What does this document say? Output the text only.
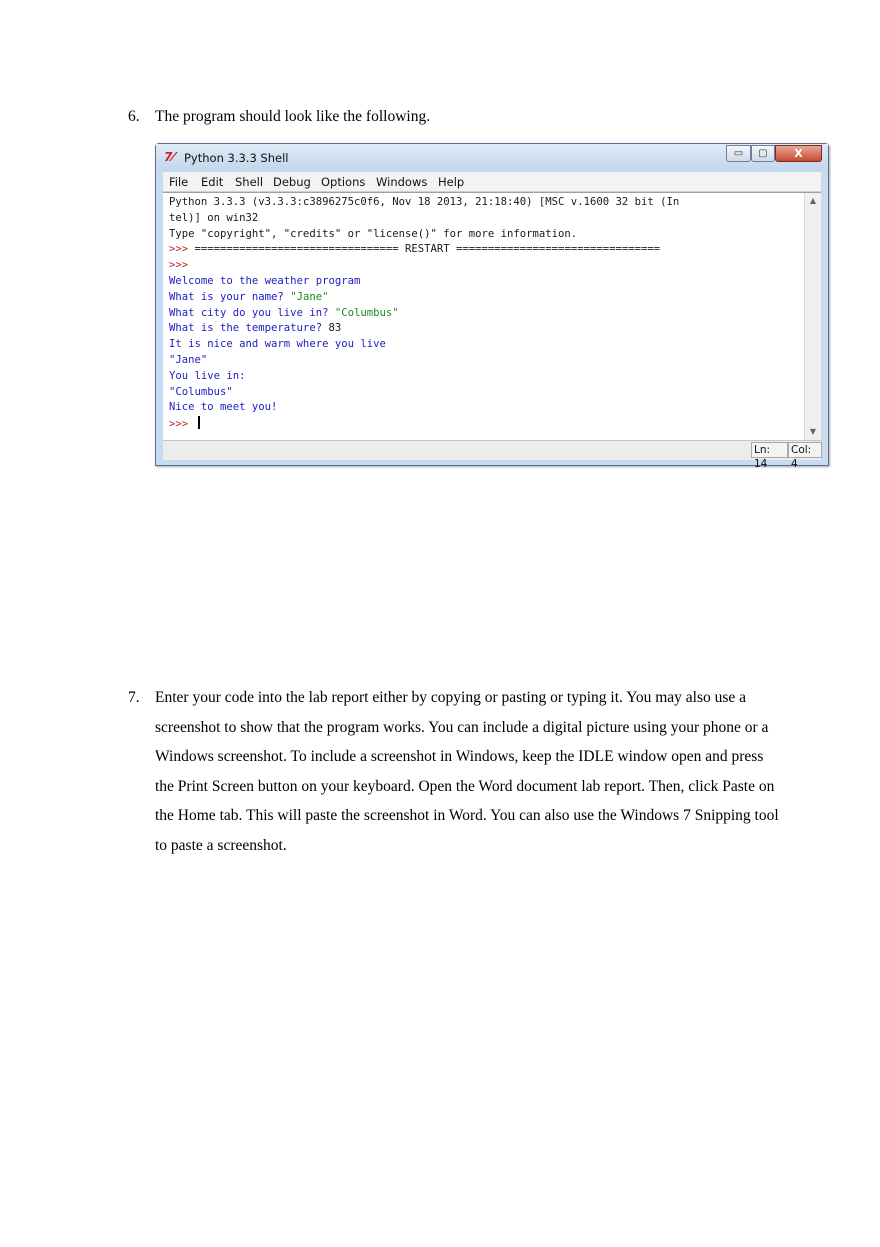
6. The program should look like the following.
7⁄ Python 3.3.3 Shell	▭	▢	X
File Edit Shell Debug Options Windows Help
Python 3.3.3 (v3.3.3:c3896275c0f6, Nov 18 2013, 21:18:40) [MSC v.1600 32 bit (In
tel)] on win32
Type "copyright", "credits" or "license()" for more information.
>>> ================================ RESTART ================================
>>>
Welcome to the weather program
What is your name? "Jane"
What city do you live in? "Columbus"
What is the temperature? 83
It is nice and warm where you live
"Jane"
You live in:
"Columbus"
Nice to meet you!
>>>
▲
▼
Ln: 14
Col: 4
7. Enter your code into the lab report either by copying or pasting or typing it. You may also use a screenshot to show that the program works. You can include a digital picture using your phone or a Windows screenshot. To include a screenshot in Windows, keep the IDLE window open and press the Print Screen button on your keyboard. Open the Word document lab report. Then, click Paste on the Home tab. This will paste the screenshot in Word. You can also use the Windows 7 Snipping tool to paste a screenshot.
